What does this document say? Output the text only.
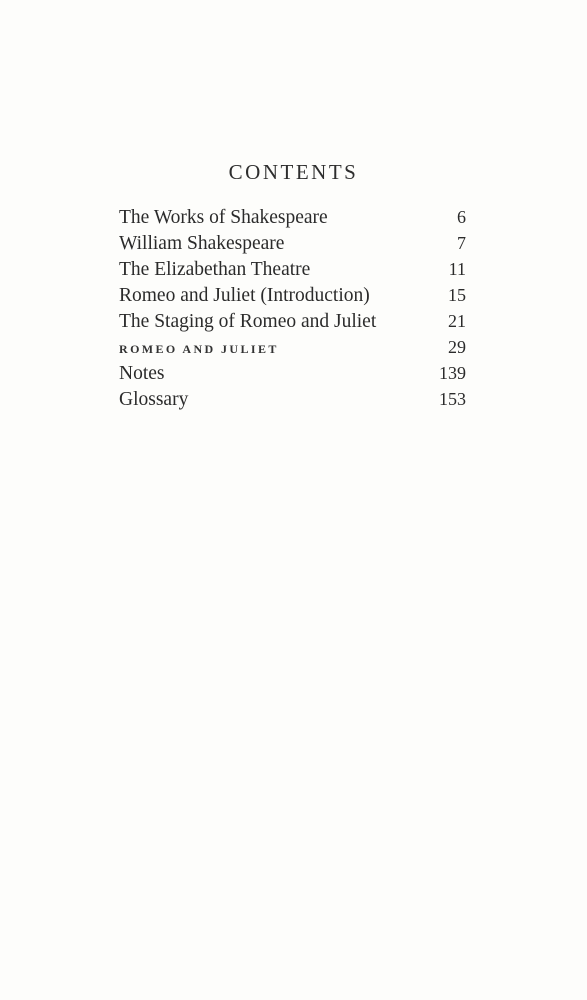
CONTENTS
The Works of Shakespeare	6
William Shakespeare	7
The Elizabethan Theatre	11
Romeo and Juliet (Introduction)	15
The Staging of Romeo and Juliet	21
ROMEO AND JULIET	29
Notes	139
Glossary	153
